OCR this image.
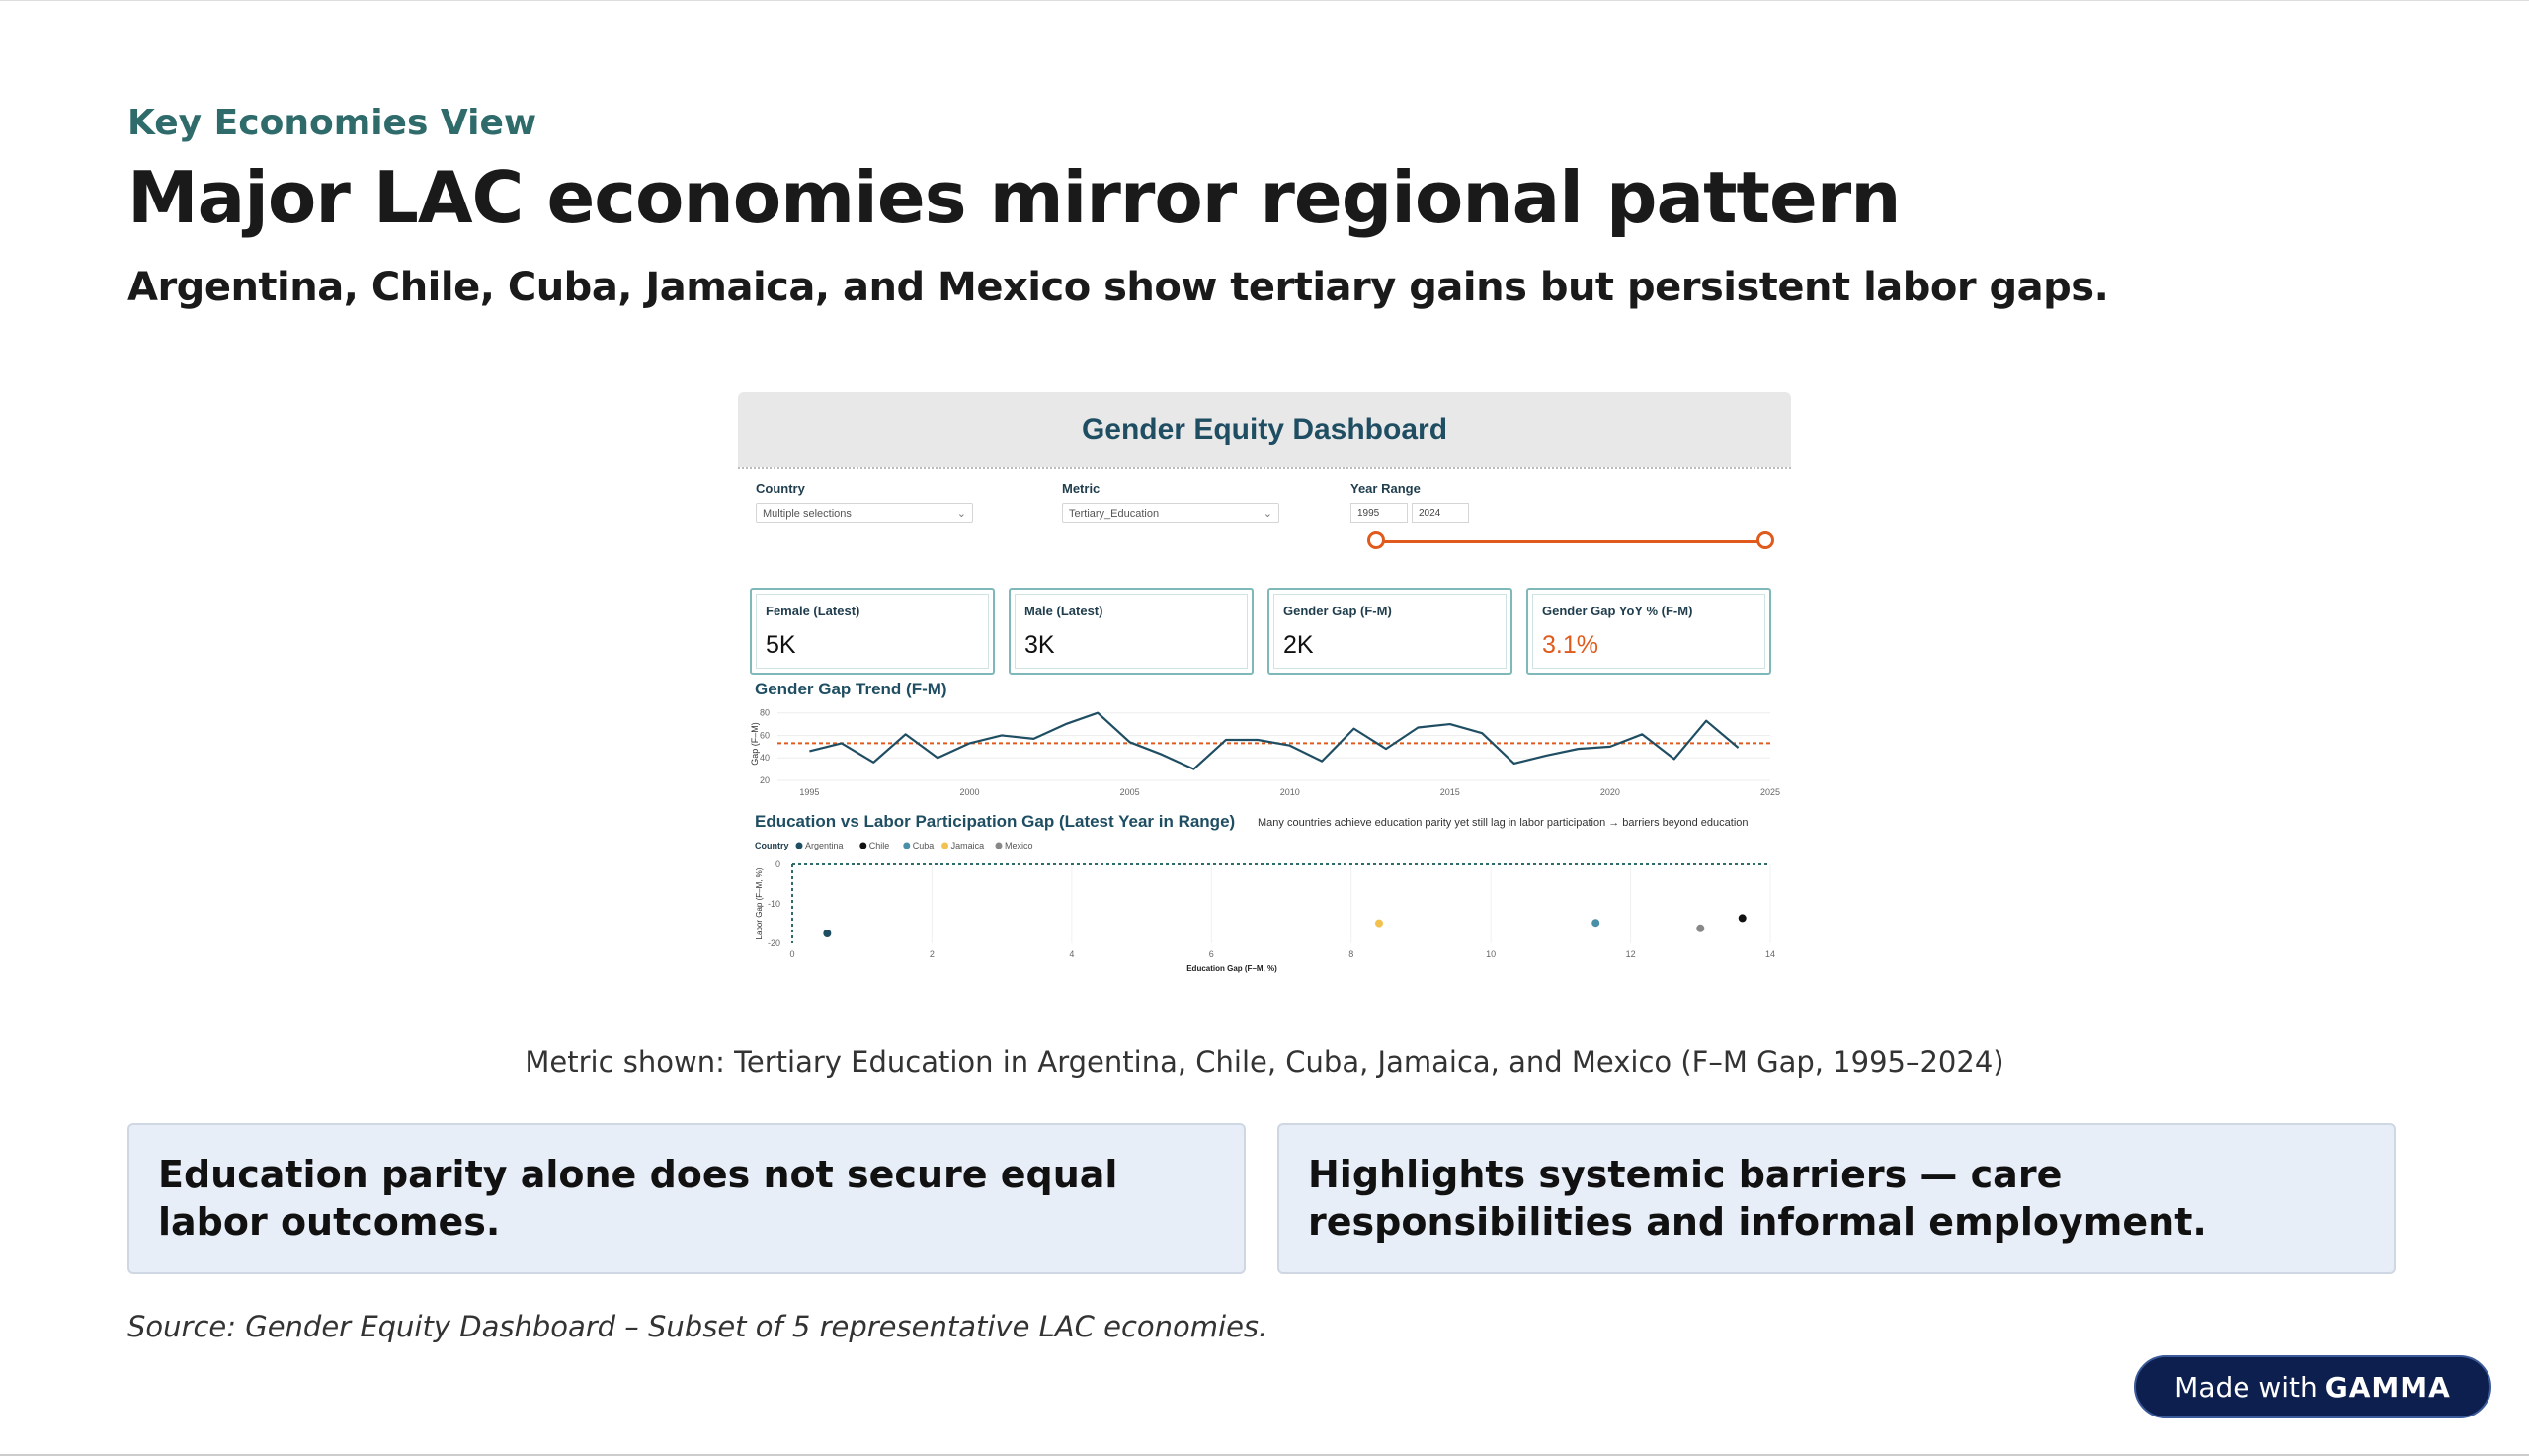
Key Economies View
Major LAC economies mirror regional pattern
Argentina, Chile, Cuba, Jamaica, and Mexico show tertiary gains but persistent labor gaps.
Gender Equity Dashboard
Country
Multiple selections	⌄
Metric
Tertiary_Education	⌄
Year Range
1995	2024
Female (Latest)
5K
Male (Latest)
3K
Gender Gap (F-M)
2K
Gender Gap YoY % (F-M)
3.1%
Gender Gap Trend (F-M)
20
40
60
80
1995	2000	2005	2010	2015	2020	2025
Gap (F–M)
Education vs Labor Participation Gap (Latest Year in Range) Many countries achieve education parity yet still lag in labor participation → barriers beyond education
Country Argentina	Chile	Cuba Jamaica Mexico
0	2	4	6	8	10	12	14
0
-10
-20
Education Gap (F–M, %)
Labor Gap (F–M, %)
Metric shown: Tertiary Education in Argentina, Chile, Cuba, Jamaica, and Mexico (F–M Gap, 1995–2024)
Education parity alone does not secure equal labor outcomes.
Highlights systemic barriers — care responsibilities and informal employment.
Source: Gender Equity Dashboard – Subset of 5 representative LAC economies.
Made with GAMMA
